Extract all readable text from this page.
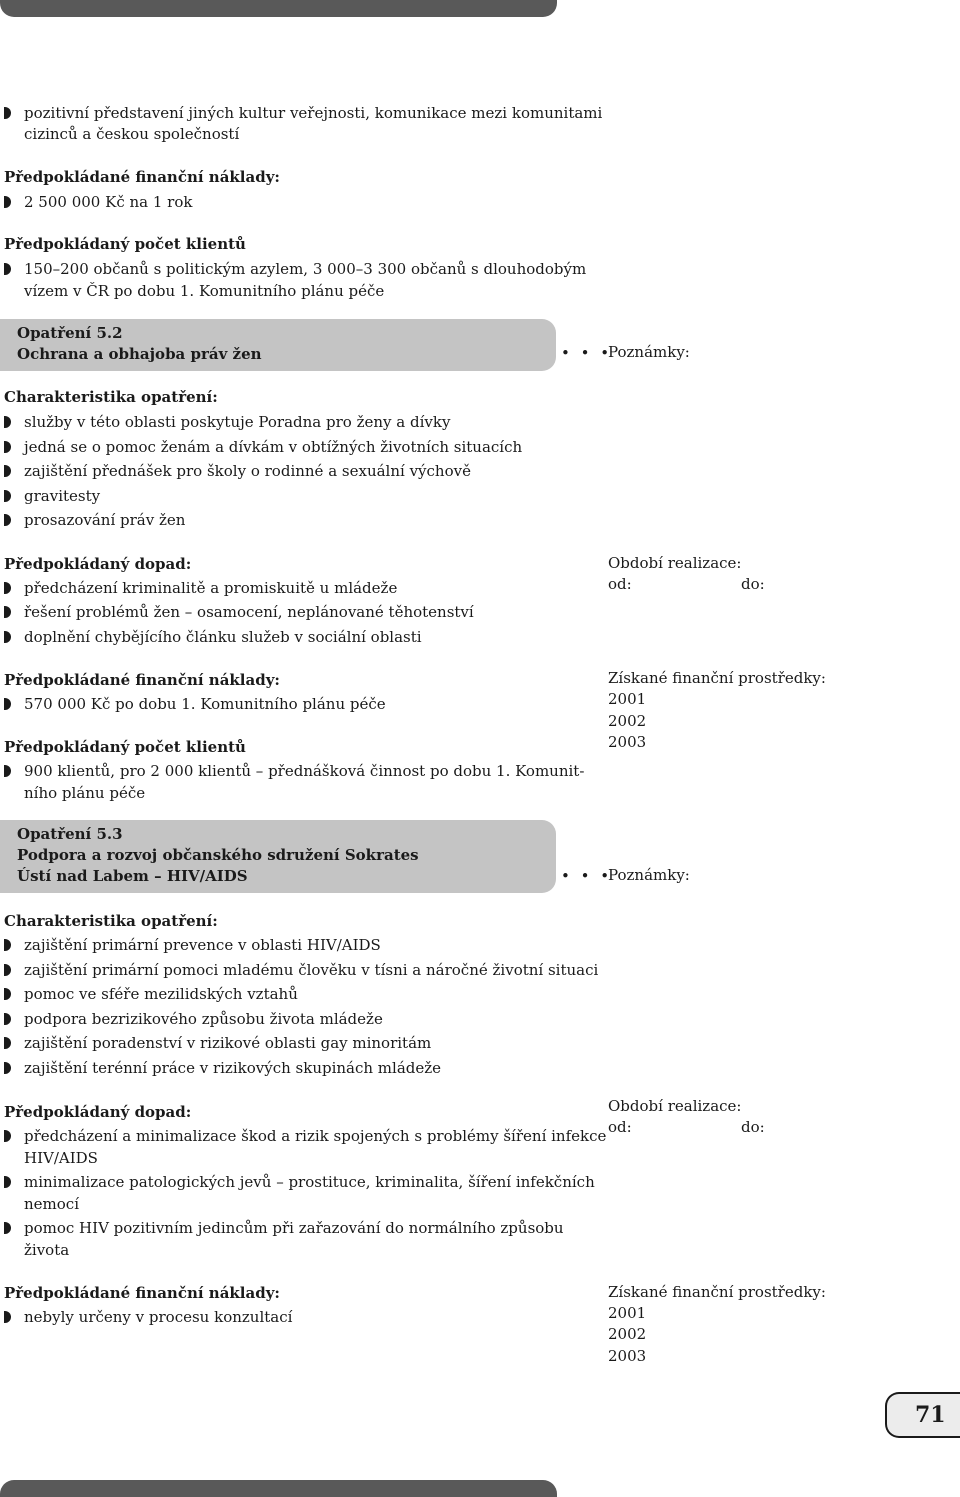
pozitivní představení jiných kultur veřejnosti, komunikace mezi komunitami
cizinců a českou společností
Předpokládané finanční náklady:
2 500 000 Kč na 1 rok
Předpokládaný počet klientů
150–200 občanů s politickým azylem, 3 000–3 300 občanů s dlouhodobým
vízem v ČR po dobu 1. Komunitního plánu péče
Opatření 5.2
Ochrana a obhajoba práv žen	• • •
Poznámky:
Charakteristika opatření:
služby v této oblasti poskytuje Poradna pro ženy a dívky
jedná se o pomoc ženám a dívkám v obtížných životních situacích
zajištění přednášek pro školy o rodinné a sexuální výchově
gravitesty
prosazování práv žen
Předpokládaný dopad:	Období realizace:
od:	do:
předcházení kriminalitě a promiskuitě u mládeže
řešení problémů žen – osamocení, neplánované těhotenství
doplnění chybějícího článku služeb v sociální oblasti
Předpokládané finanční náklady:	Získané finanční prostředky:
570 000 Kč po dobu 1. Komunitního plánu péče	2001
2002
2003
Předpokládaný počet klientů
900 klientů, pro 2 000 klientů – přednášková činnost po dobu 1. Komunit-
ního plánu péče
Opatření 5.3
Podpora a rozvoj občanského sdružení Sokrates
Ústí nad Labem – HIV/AIDS	• • •
Poznámky:
Charakteristika opatření:
zajištění primární prevence v oblasti HIV/AIDS
zajištění primární pomoci mladému člověku v tísni a náročné životní situaci
pomoc ve sféře mezilidských vztahů
podpora bezrizikového způsobu života mládeže
zajištění poradenství v rizikové oblasti gay minoritám
zajištění terénní práce v rizikových skupinách mládeže
Předpokládaný dopad:	Období realizace:
od:	do:
předcházení a minimalizace škod a rizik spojených s problémy šíření infekce
HIV/AIDS
minimalizace patologických jevů – prostituce, kriminalita, šíření infekčních
nemocí
pomoc HIV pozitivním jedincům při zařazování do normálního způsobu
života
Předpokládané finanční náklady:	Získané finanční prostředky:
nebyly určeny v procesu konzultací	2001
2002
2003
71
